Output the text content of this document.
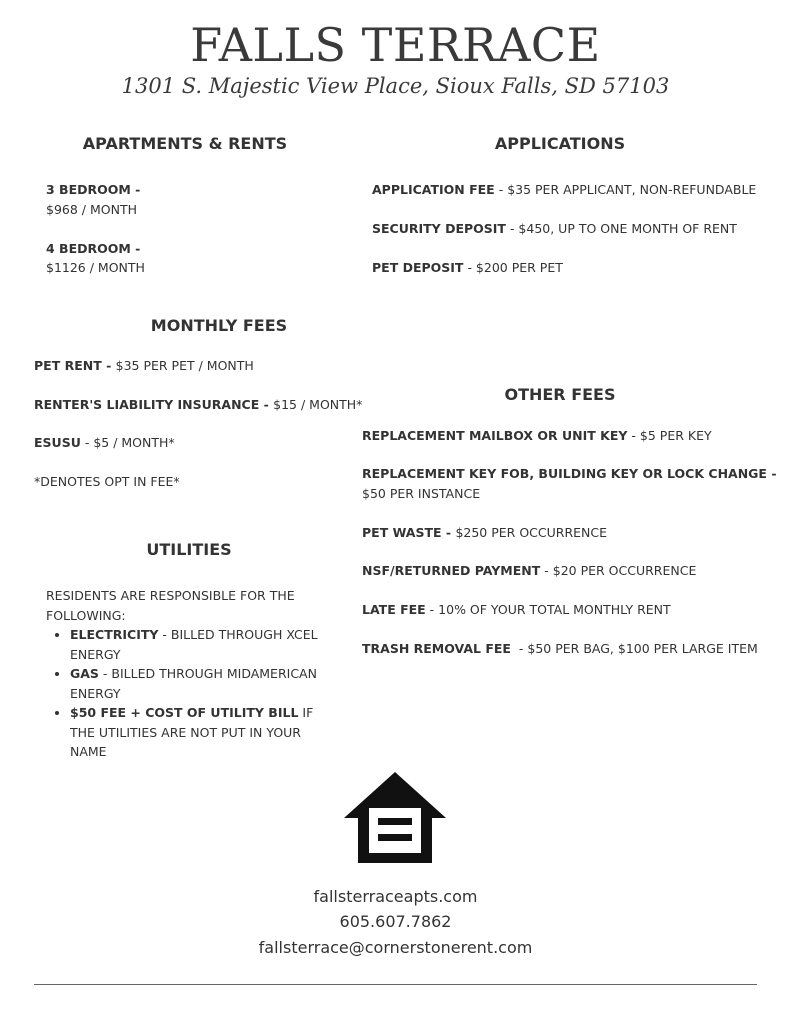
FALLS TERRACE
1301 S. Majestic View Place, Sioux Falls, SD 57103
APARTMENTS & RENTS
3 BEDROOM -
$968 / MONTH
4 BEDROOM -
$1126 / MONTH
APPLICATIONS
APPLICATION FEE - $35 PER APPLICANT, NON-REFUNDABLE
SECURITY DEPOSIT - $450, UP TO ONE MONTH OF RENT
PET DEPOSIT - $200 PER PET
MONTHLY FEES
PET RENT - $35 PER PET / MONTH
RENTER'S LIABILITY INSURANCE - $15 / MONTH*
ESUSU - $5 / MONTH*
*DENOTES OPT IN FEE*
UTILITIES
RESIDENTS ARE RESPONSIBLE FOR THE
FOLLOWING:
• ELECTRICITY - BILLED THROUGH XCEL ENERGY
• GAS - BILLED THROUGH MIDAMERICAN ENERGY
• $50 FEE + COST OF UTILITY BILL IF THE UTILITIES ARE NOT PUT IN YOUR NAME
OTHER FEES
REPLACEMENT MAILBOX OR UNIT KEY - $5 PER KEY
REPLACEMENT KEY FOB, BUILDING KEY OR LOCK CHANGE -
$50 PER INSTANCE
PET WASTE - $250 PER OCCURRENCE
NSF/RETURNED PAYMENT - $20 PER OCCURRENCE
LATE FEE - 10% OF YOUR TOTAL MONTHLY RENT
TRASH REMOVAL FEE  - $50 PER BAG, $100 PER LARGE ITEM
fallsterraceapts.com
605.607.7862
fallsterrace@cornerstonerent.com
